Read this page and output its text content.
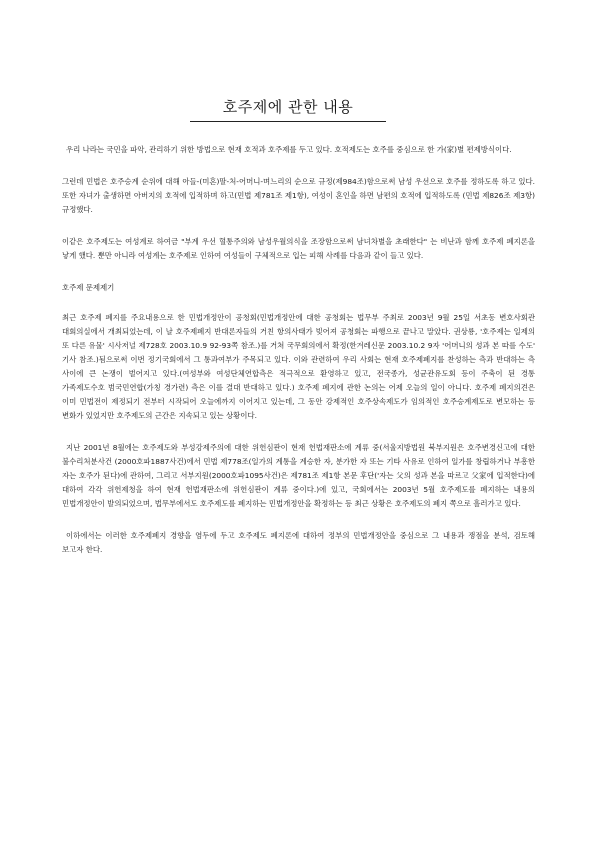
호주제에 관한 내용

우리 나라는 국민을 파악, 관리하기 위한 방법으로 현재 호적과 호주제를 두고 있다. 호적제도는 호주를 중심으로 한 가(家)별 편제방식이다.

그런데 민법은 호주승계 순위에 대해 아들-(미혼)딸-처-어머니-며느리의 순으로 규정(제984조)함으로써 남성 우선으로 호주를 정하도록 하고 있다. 또한 자녀가 출생하면 아버지의 호적에 입적하며 하고(민법 제781조 제1항), 여성이 혼인을 하면 남편의 호적에 입적하도록 (민법 제826조 제3항) 규정했다.

이같은 호주제도는 여성계로 하여금 "부계 우선 혈통주의와 남성우월의식을 조장함으로써 남녀차별을 초래한다" 는 비난과 함께 호주제 폐지론을 낳게 했다. 뿐만 아니라 여성계는 호주제로 인하여 여성들이 구체적으로 입는 피해 사례를 다음과 같이 들고 있다.

호주제 문제제기

최근 호주제 폐지를 주요내용으로 한 민법개정안이 공청회(민법개정안에 대한 공청회는 법무부 주최로 2003년 9월 25일 서초동 변호사회관 대회의실에서 개최되었는데, 이 날 호주제폐지 반대론자들의 거친 항의사태가 빚어져 공청회는 파행으로 끝나고 말았다. 권상룡, '호주제는 일제의 또 다른 유물' 시사저널 제728호 2003.10.9 92-93쪽 참조.)를 거쳐 국무회의에서 확정(한겨레신문 2003.10.2 9자 '어머니의 성과 본 따를 수도' 기사 참조.)됨으로써 이번 정기국회에서 그 통과여부가 주목되고 있다. 이와 관련하여 우리 사회는 현재 호주제폐지를 찬성하는 측과 반대하는 측 사이에 큰 논쟁이 벌어지고 있다.(여성부와 여성단체연합측은 적극적으로 환영하고 있고, 전국종가, 성균관유도회 등이 주축이 된 경통 가족제도수호 범국민연합(가칭 경가련) 측은 이를 결대 반대하고 있다.) 호주제 폐지에 관한 논의는 어제 오늘의 일이 아니다. 호주제 폐지의견은 이미 민법전이 제정되기 전부터 시작되어 오늘에까지 이어지고 있는데, 그 동안 강제적인 호주상속제도가 임의적인 호주승계제도로 변모하는 등 변화가 있었지만 호주제도의 근간은 지속되고 있는 상황이다.

지난 2001년 8월에는 호주제도와 부성강제주의에 대한 위헌심판이 현재 헌법재판소에 계류 중(서울지방법원 북부지원은 호주변경신고에 대한 불수리처분사건 (2000호파1887사건)에서 민법 제778조(일가의 계통을 계승한 자, 분가한 자 또는 기타 사유로 인하여 일가를 창립하거나 부흥한 자는 호주가 된다)에 관하여, 그리고 서부지원(2000호파1095사건)은 제781조 제1항 본문 후단('자는 父의 성과 본을 따르고 父家에 입적한다)에 대하여 각각 위헌제청을 하여 현재 헌법재판소에 위헌심판이 계류 중이다.)에 있고, 국회에서는 2003년 5월 호주제도를 폐지하는 내용의 민법개정안이 발의되었으며, 법무부에서도 호주제도를 폐지하는 민법개정안을 확정하는 등 최근 상황은 호주제도의 폐지 쪽으로 흘러가고 있다.

이하에서는 이러한 호주제폐지 경향을 염두에 두고 호주제도 폐지론에 대하여 정부의 민법개정안을 중심으로 그 내용과 쟁점을 분석, 검토해 보고자 한다.
